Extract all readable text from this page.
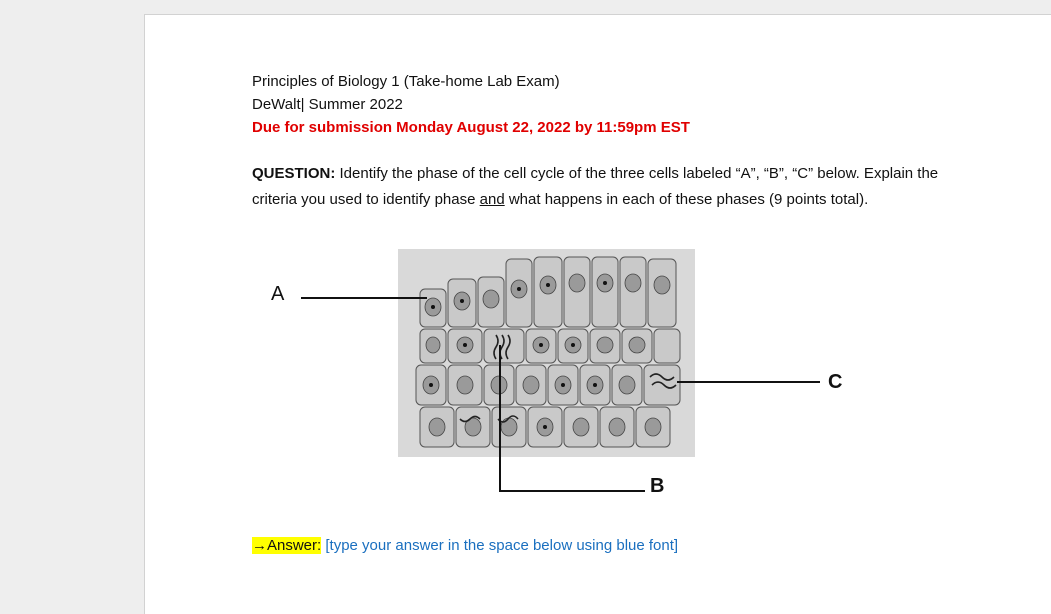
Principles of Biology 1 (Take-home Lab Exam)
DeWalt| Summer 2022
Due for submission Monday August 22, 2022 by 11:59pm EST
QUESTION: Identify the phase of the cell cycle of the three cells labeled “A”, “B”, “C” below. Explain the criteria you used to identify phase and what happens in each of these phases (9 points total).
A
C
B
→Answer: [type your answer in the space below using blue font]
